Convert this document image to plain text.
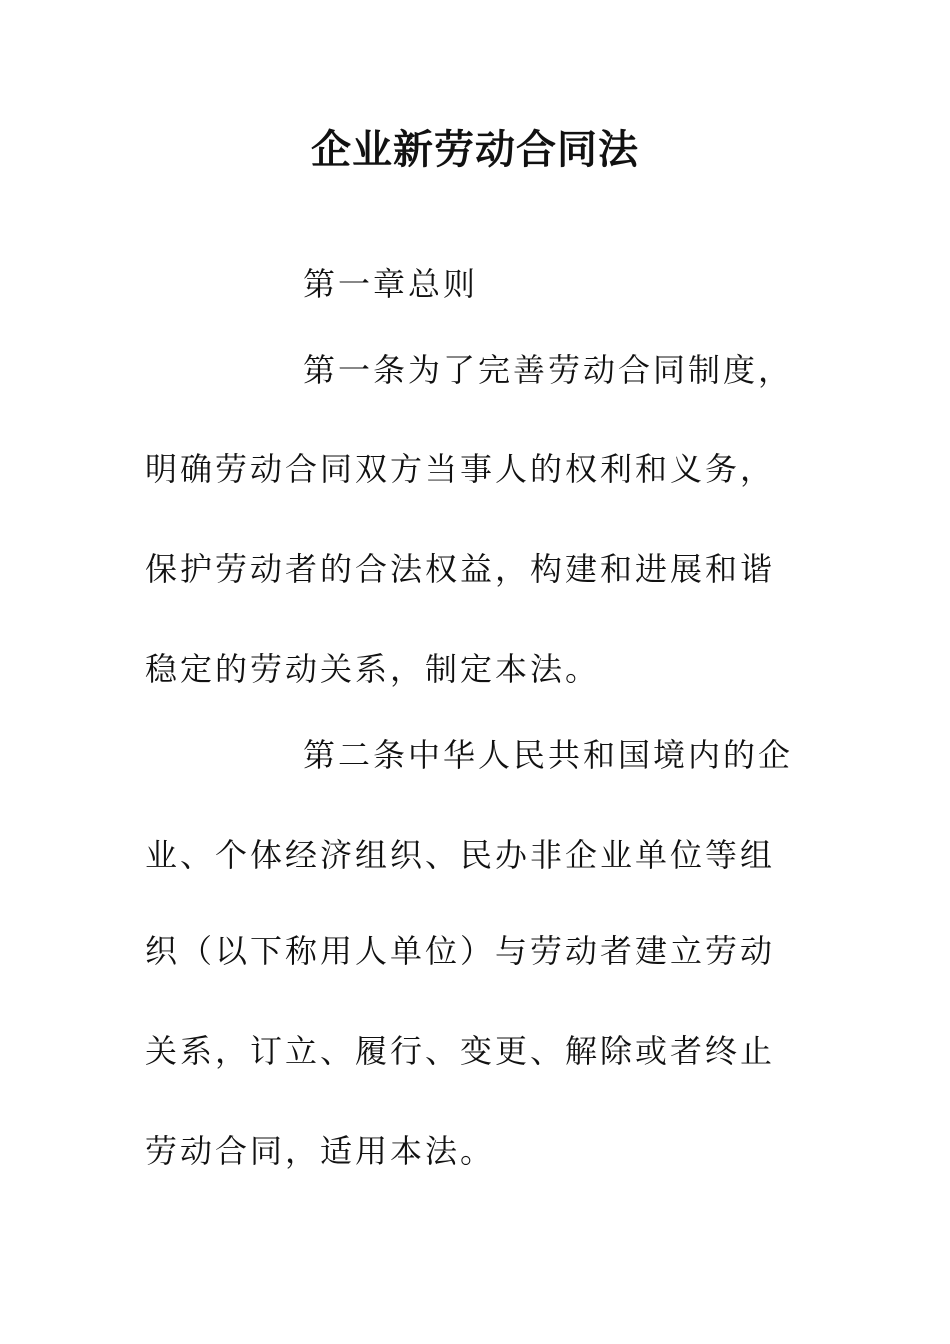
企业新劳动合同法
第一章总则
第一条为了完善劳动合同制度，
明确劳动合同双方当事人的权利和义务，
保护劳动者的合法权益，构建和进展和谐
稳定的劳动关系，制定本法。
第二条中华人民共和国境内的企
业、个体经济组织、民办非企业单位等组
织（以下称用人单位）与劳动者建立劳动
关系，订立、履行、变更、解除或者终止
劳动合同，适用本法。
